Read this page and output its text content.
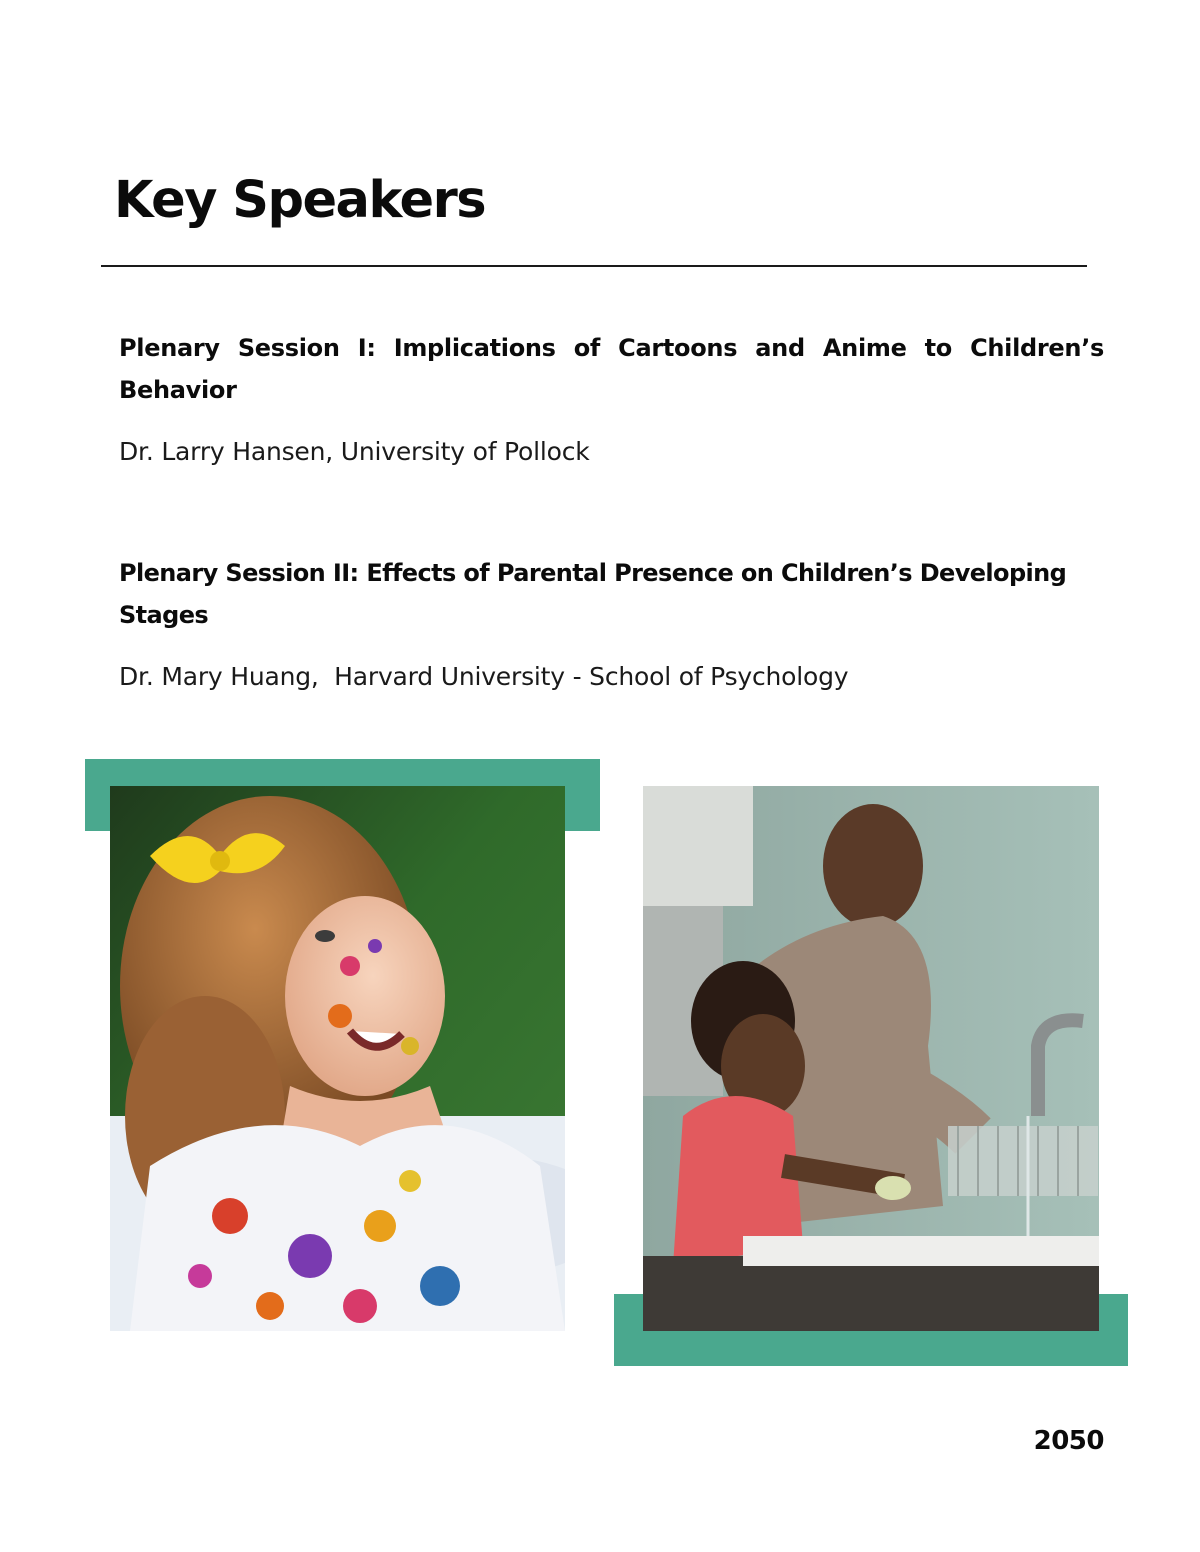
Key Speakers
Plenary Session I: Implications of Cartoons and Anime to Children’s Behavior

Dr. Larry Hansen, University of Pollock

Plenary Session II: Effects of Parental Presence on Children’s Developing Stages

Dr. Mary Huang,  Harvard University - School of Psychology

2050
